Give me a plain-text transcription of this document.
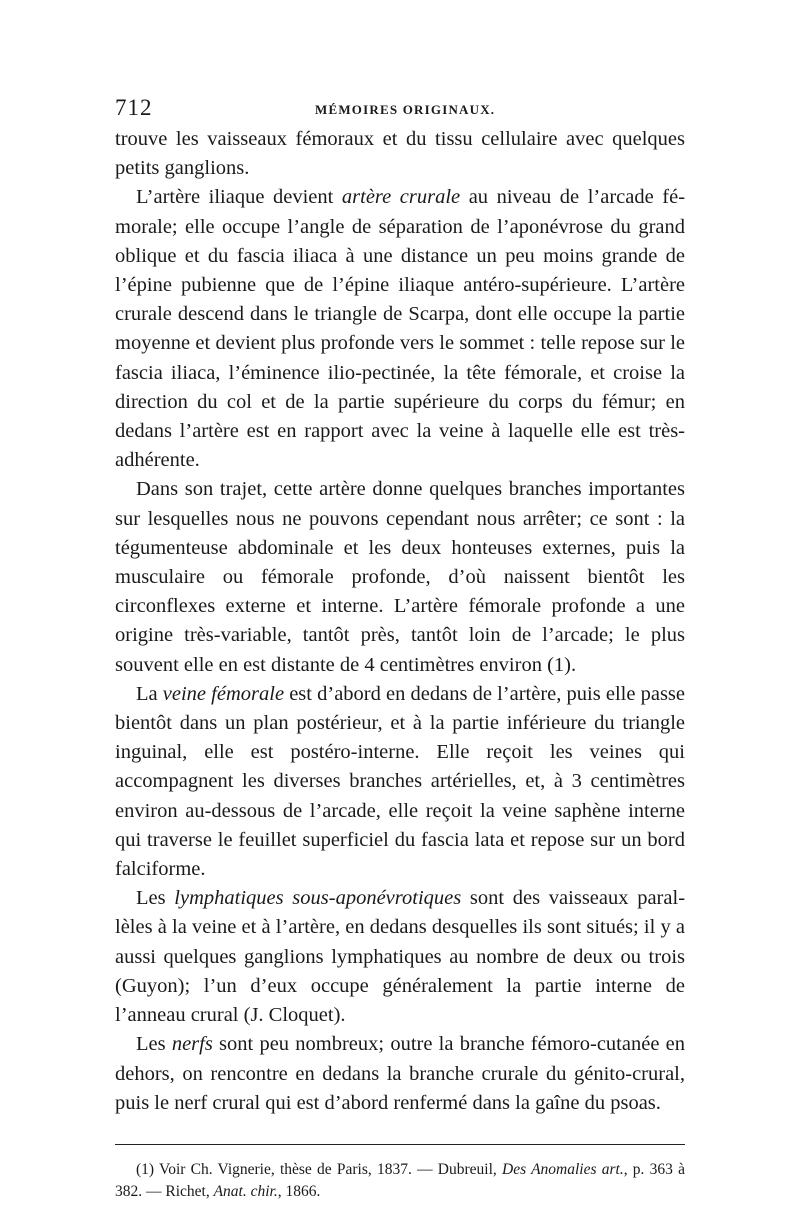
712	MÉMOIRES ORIGINAUX.

trouve les vaisseaux fémoraux et du tissu cellulaire avec quelques petits ganglions.

L’artère iliaque devient artère crurale au niveau de l’arcade fémorale; elle occupe l’angle de séparation de l’aponévrose du grand oblique et du fascia iliaca à une distance un peu moins grande de l’épine pubienne que de l’épine iliaque antéro-supérieure. L’artère crurale descend dans le triangle de Scarpa, dont elle occupe la partie moyenne et devient plus profonde vers le sommet : telle repose sur le fascia iliaca, l’éminence ilio-pectinée, la tête fémorale, et croise la direction du col et de la partie supérieure du corps du fémur; en dedans l’artère est en rapport avec la veine à laquelle elle est très-adhérente.

Dans son trajet, cette artère donne quelques branches importantes sur lesquelles nous ne pouvons cependant nous arrêter; ce sont : la tégumenteuse abdominale et les deux honteuses externes, puis la musculaire ou fémorale profonde, d’où naissent bientôt les circonflexes externe et interne. L’artère fémorale profonde a une origine très-variable, tantôt près, tantôt loin de l’arcade; le plus souvent elle en est distante de 4 centimètres environ (1).

La veine fémorale est d’abord en dedans de l’artère, puis elle passe bientôt dans un plan postérieur, et à la partie inférieure du triangle inguinal, elle est postéro-interne. Elle reçoit les veines qui accompagnent les diverses branches artérielles, et, à 3 centimètres environ au-dessous de l’arcade, elle reçoit la veine saphène interne qui traverse le feuillet superficiel du fascia lata et repose sur un bord falciforme.

Les lymphatiques sous-aponévrotiques sont des vaisseaux parallèles à la veine et à l’artère, en dedans desquelles ils sont situés; il y a aussi quelques ganglions lymphatiques au nombre de deux ou trois (Guyon); l’un d’eux occupe généralement la partie interne de l’anneau crural (J. Cloquet).

Les nerfs sont peu nombreux; outre la branche fémoro-cutanée en dehors, on rencontre en dedans la branche crurale du génito-crural, puis le nerf crural qui est d’abord renfermé dans la gaîne du psoas.

(1) Voir Ch. Vignerie, thèse de Paris, 1837. — Dubreuil, Des Anomalies art., p. 363 à 382. — Richet, Anat. chir., 1866.
